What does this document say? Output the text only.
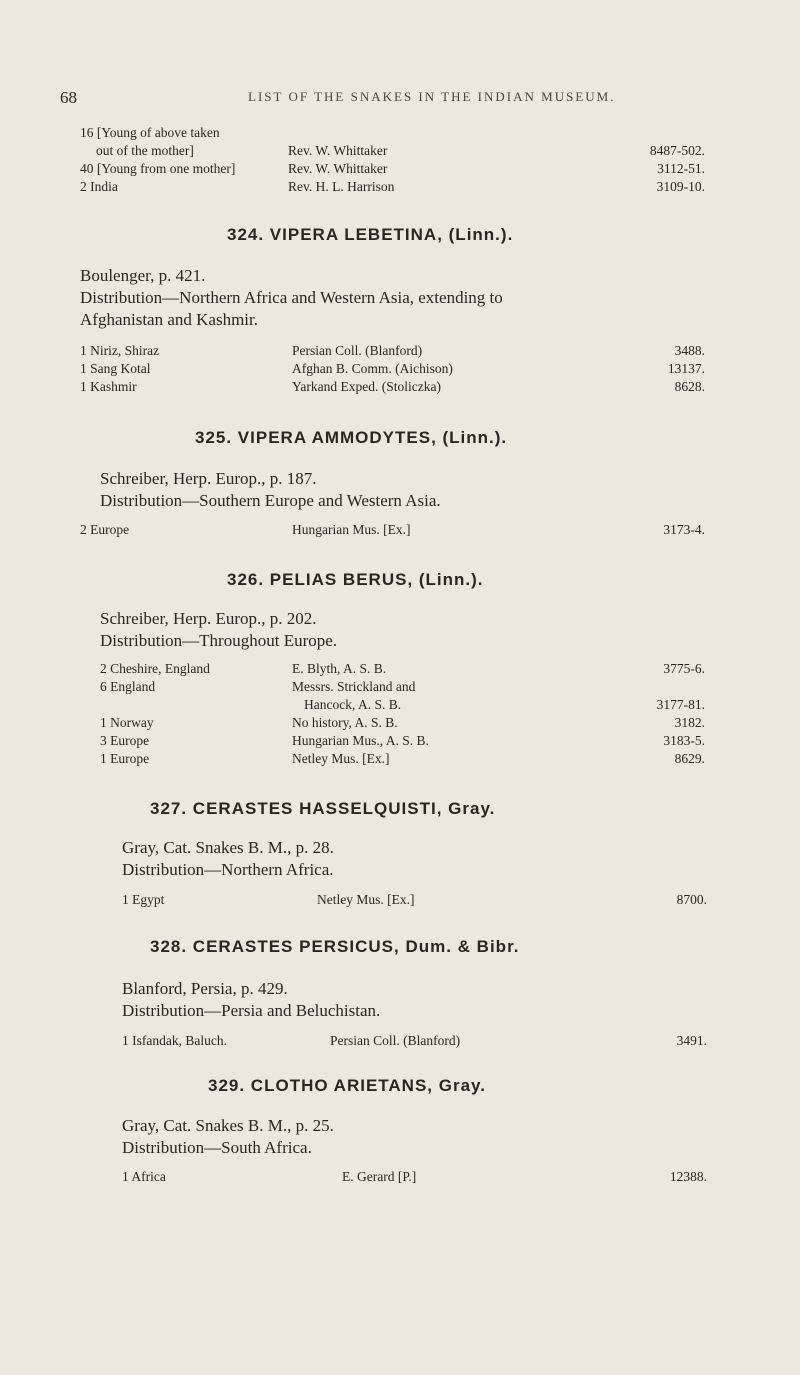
68	LIST OF THE SNAKES IN THE INDIAN MUSEUM.
16 [Young of above taken
out of the mother]	Rev. W. Whittaker	8487-502.
40 [Young from one mother]	Rev. W. Whittaker	3112-51.
2 India	Rev. H. L. Harrison	3109-10.
324. VIPERA LEBETINA, (Linn.).
Boulenger, p. 421.
Distribution—Northern Africa and Western Asia, extending to
Afghanistan and Kashmir.
1 Niriz, Shiraz	Persian Coll. (Blanford)	3488.
1 Sang Kotal	Afghan B. Comm. (Aichison)	13137.
1 Kashmir	Yarkand Exped. (Stoliczka)	8628.
325. VIPERA AMMODYTES, (Linn.).
Schreiber, Herp. Europ., p. 187.
Distribution—Southern Europe and Western Asia.
2 Europe	Hungarian Mus. [Ex.]	3173-4.
326. PELIAS BERUS, (Linn.).
Schreiber, Herp. Europ., p. 202.
Distribution—Throughout Europe.
2 Cheshire, England	E. Blyth, A. S. B.	3775-6.
6 England	Messrs. Strickland and
Hancock, A. S. B.	3177-81.
1 Norway	No history, A. S. B.	3182.
3 Europe	Hungarian Mus., A. S. B.	3183-5.
1 Europe	Netley Mus. [Ex.]	8629.
327. CERASTES HASSELQUISTI, Gray.
Gray, Cat. Snakes B. M., p. 28.
Distribution—Northern Africa.
1 Egypt	Netley Mus. [Ex.]	8700.
328. CERASTES PERSICUS, Dum. & Bibr.
Blanford, Persia, p. 429.
Distribution—Persia and Beluchistan.
1 Isfandak, Baluch.	Persian Coll. (Blanford)	3491.
329. CLOTHO ARIETANS, Gray.
Gray, Cat. Snakes B. M., p. 25.
Distribution—South Africa.
1 Africa	E. Gerard [P.]	12388.
